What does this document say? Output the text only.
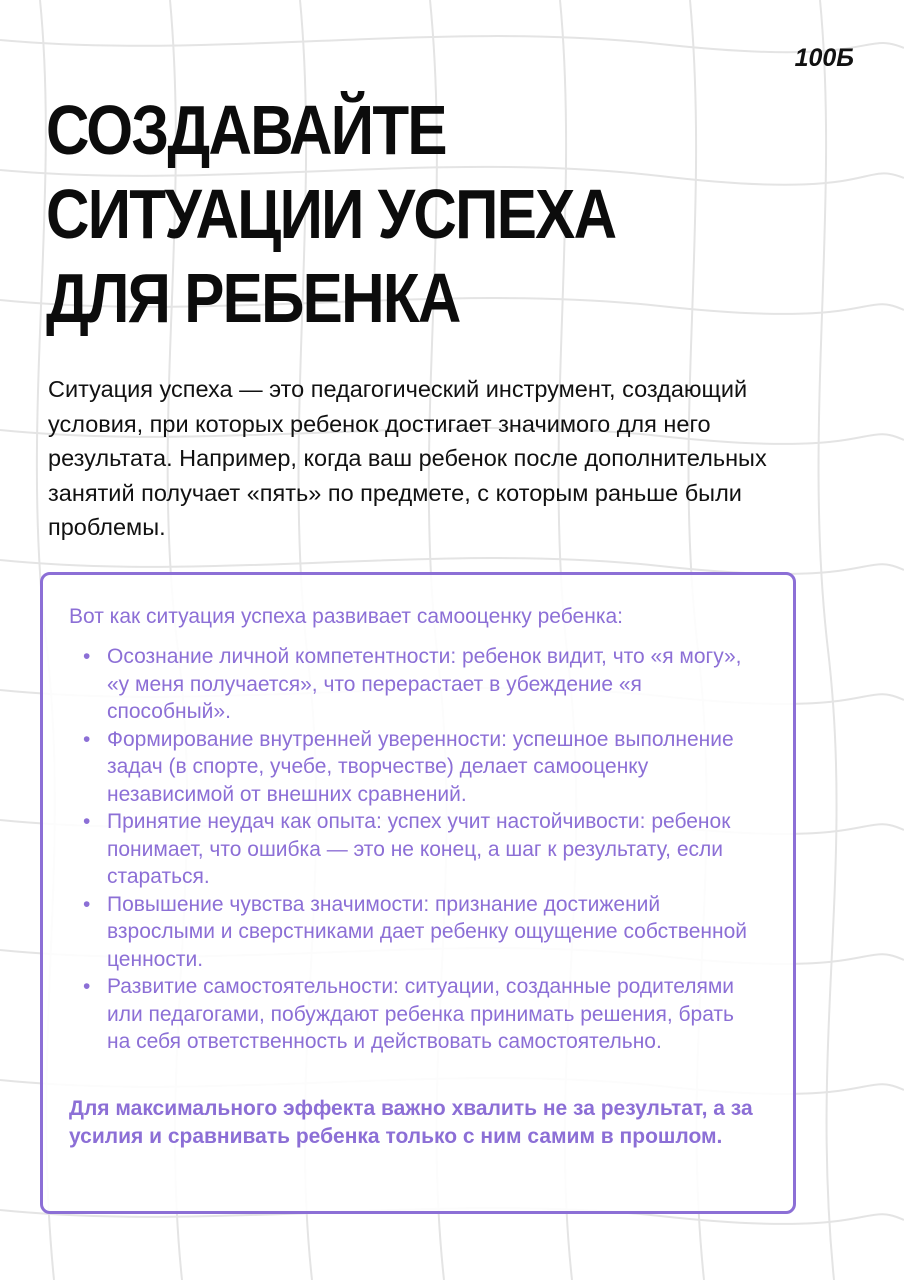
100Б
СОЗДАВАЙТЕ
СИТУАЦИИ УСПЕХА
ДЛЯ РЕБЕНКА

Ситуация успеха — это педагогический инструмент, создающий условия, при которых ребенок достигает значимого для него результата. Например, когда ваш ребенок после дополнительных занятий получает «пять» по предмете, с которым раньше были проблемы.

Вот как ситуация успеха развивает самооценку ребенка:

• Осознание личной компетентности: ребенок видит, что «я могу», «у меня получается», что перерастает в убеждение «я способный».
• Формирование внутренней уверенности: успешное выполнение задач (в спорте, учебе, творчестве) делает самооценку независимой от внешних сравнений.
• Принятие неудач как опыта: успех учит настойчивости: ребенок понимает, что ошибка — это не конец, а шаг к результату, если стараться.
• Повышение чувства значимости: признание достижений взрослыми и сверстниками дает ребенку ощущение собственной ценности.
• Развитие самостоятельности: ситуации, созданные родителями или педагогами, побуждают ребенка принимать решения, брать на себя ответственность и действовать самостоятельно.

Для максимального эффекта важно хвалить не за результат, а за усилия и сравнивать ребенка только с ним самим в прошлом.
